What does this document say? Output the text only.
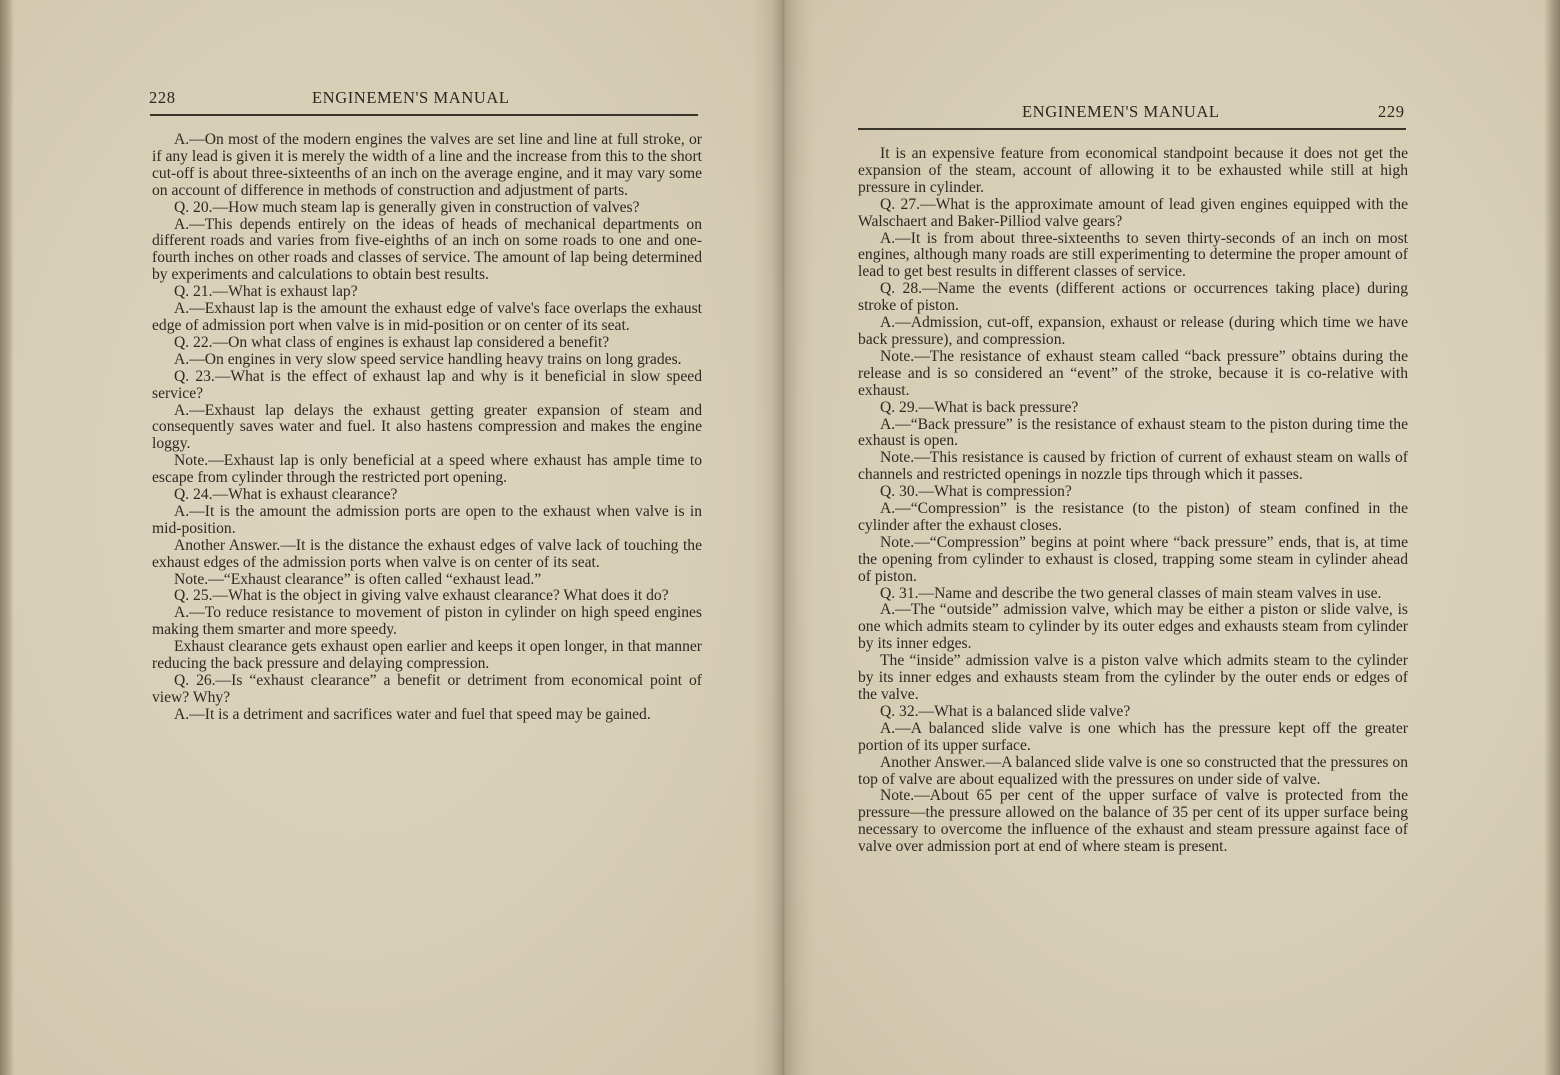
228	ENGINEMEN'S MANUAL

A.—On most of the modern engines the valves are set line and line at full stroke, or if any lead is given it is merely the width of a line and the increase from this to the short cut-off is about three-sixteenths of an inch on the average engine, and it may vary some on account of difference in methods of construction and adjustment of parts.

Q. 20.—How much steam lap is generally given in construction of valves?

A.—This depends entirely on the ideas of heads of mechanical departments on different roads and varies from five-eighths of an inch on some roads to one and one-fourth inches on other roads and classes of service. The amount of lap being determined by experiments and calculations to obtain best results.

Q. 21.—What is exhaust lap?

A.—Exhaust lap is the amount the exhaust edge of valve's face overlaps the exhaust edge of admission port when valve is in mid-position or on center of its seat.

Q. 22.—On what class of engines is exhaust lap considered a benefit?

A.—On engines in very slow speed service handling heavy trains on long grades.

Q. 23.—What is the effect of exhaust lap and why is it beneficial in slow speed service?

A.—Exhaust lap delays the exhaust getting greater expansion of steam and consequently saves water and fuel. It also hastens compression and makes the engine loggy.

Note.—Exhaust lap is only beneficial at a speed where exhaust has ample time to escape from cylinder through the restricted port opening.

Q. 24.—What is exhaust clearance?

A.—It is the amount the admission ports are open to the exhaust when valve is in mid-position.

Another Answer.—It is the distance the exhaust edges of valve lack of touching the exhaust edges of the admission ports when valve is on center of its seat.

Note.—“Exhaust clearance” is often called “exhaust lead.”

Q. 25.—What is the object in giving valve exhaust clearance? What does it do?

A.—To reduce resistance to movement of piston in cylinder on high speed engines making them smarter and more speedy.

Exhaust clearance gets exhaust open earlier and keeps it open longer, in that manner reducing the back pressure and delaying compression.

Q. 26.—Is “exhaust clearance” a benefit or detriment from economical point of view? Why?

A.—It is a detriment and sacrifices water and fuel that speed may be gained.

ENGINEMEN'S MANUAL	229

It is an expensive feature from economical standpoint because it does not get the expansion of the steam, account of allowing it to be exhausted while still at high pressure in cylinder.

Q. 27.—What is the approximate amount of lead given engines equipped with the Walschaert and Baker-Pilliod valve gears?

A.—It is from about three-sixteenths to seven thirty-seconds of an inch on most engines, although many roads are still experimenting to determine the proper amount of lead to get best results in different classes of service.

Q. 28.—Name the events (different actions or occurrences taking place) during stroke of piston.

A.—Admission, cut-off, expansion, exhaust or release (during which time we have back pressure), and compression.

Note.—The resistance of exhaust steam called “back pressure” obtains during the release and is so considered an “event” of the stroke, because it is co-relative with exhaust.

Q. 29.—What is back pressure?

A.—“Back pressure” is the resistance of exhaust steam to the piston during time the exhaust is open.

Note.—This resistance is caused by friction of current of exhaust steam on walls of channels and restricted openings in nozzle tips through which it passes.

Q. 30.—What is compression?

A.—“Compression” is the resistance (to the piston) of steam confined in the cylinder after the exhaust closes.

Note.—“Compression” begins at point where “back pressure” ends, that is, at time the opening from cylinder to exhaust is closed, trapping some steam in cylinder ahead of piston.

Q. 31.—Name and describe the two general classes of main steam valves in use.

A.—The “outside” admission valve, which may be either a piston or slide valve, is one which admits steam to cylinder by its outer edges and exhausts steam from cylinder by its inner edges.

The “inside” admission valve is a piston valve which admits steam to the cylinder by its inner edges and exhausts steam from the cylinder by the outer ends or edges of the valve.

Q. 32.—What is a balanced slide valve?

A.—A balanced slide valve is one which has the pressure kept off the greater portion of its upper surface.

Another Answer.—A balanced slide valve is one so constructed that the pressures on top of valve are about equalized with the pressures on under side of valve.

Note.—About 65 per cent of the upper surface of valve is protected from the pressure—the pressure allowed on the balance of 35 per cent of its upper surface being necessary to overcome the influence of the exhaust and steam pressure against face of valve over admission port at end of where steam is present.
